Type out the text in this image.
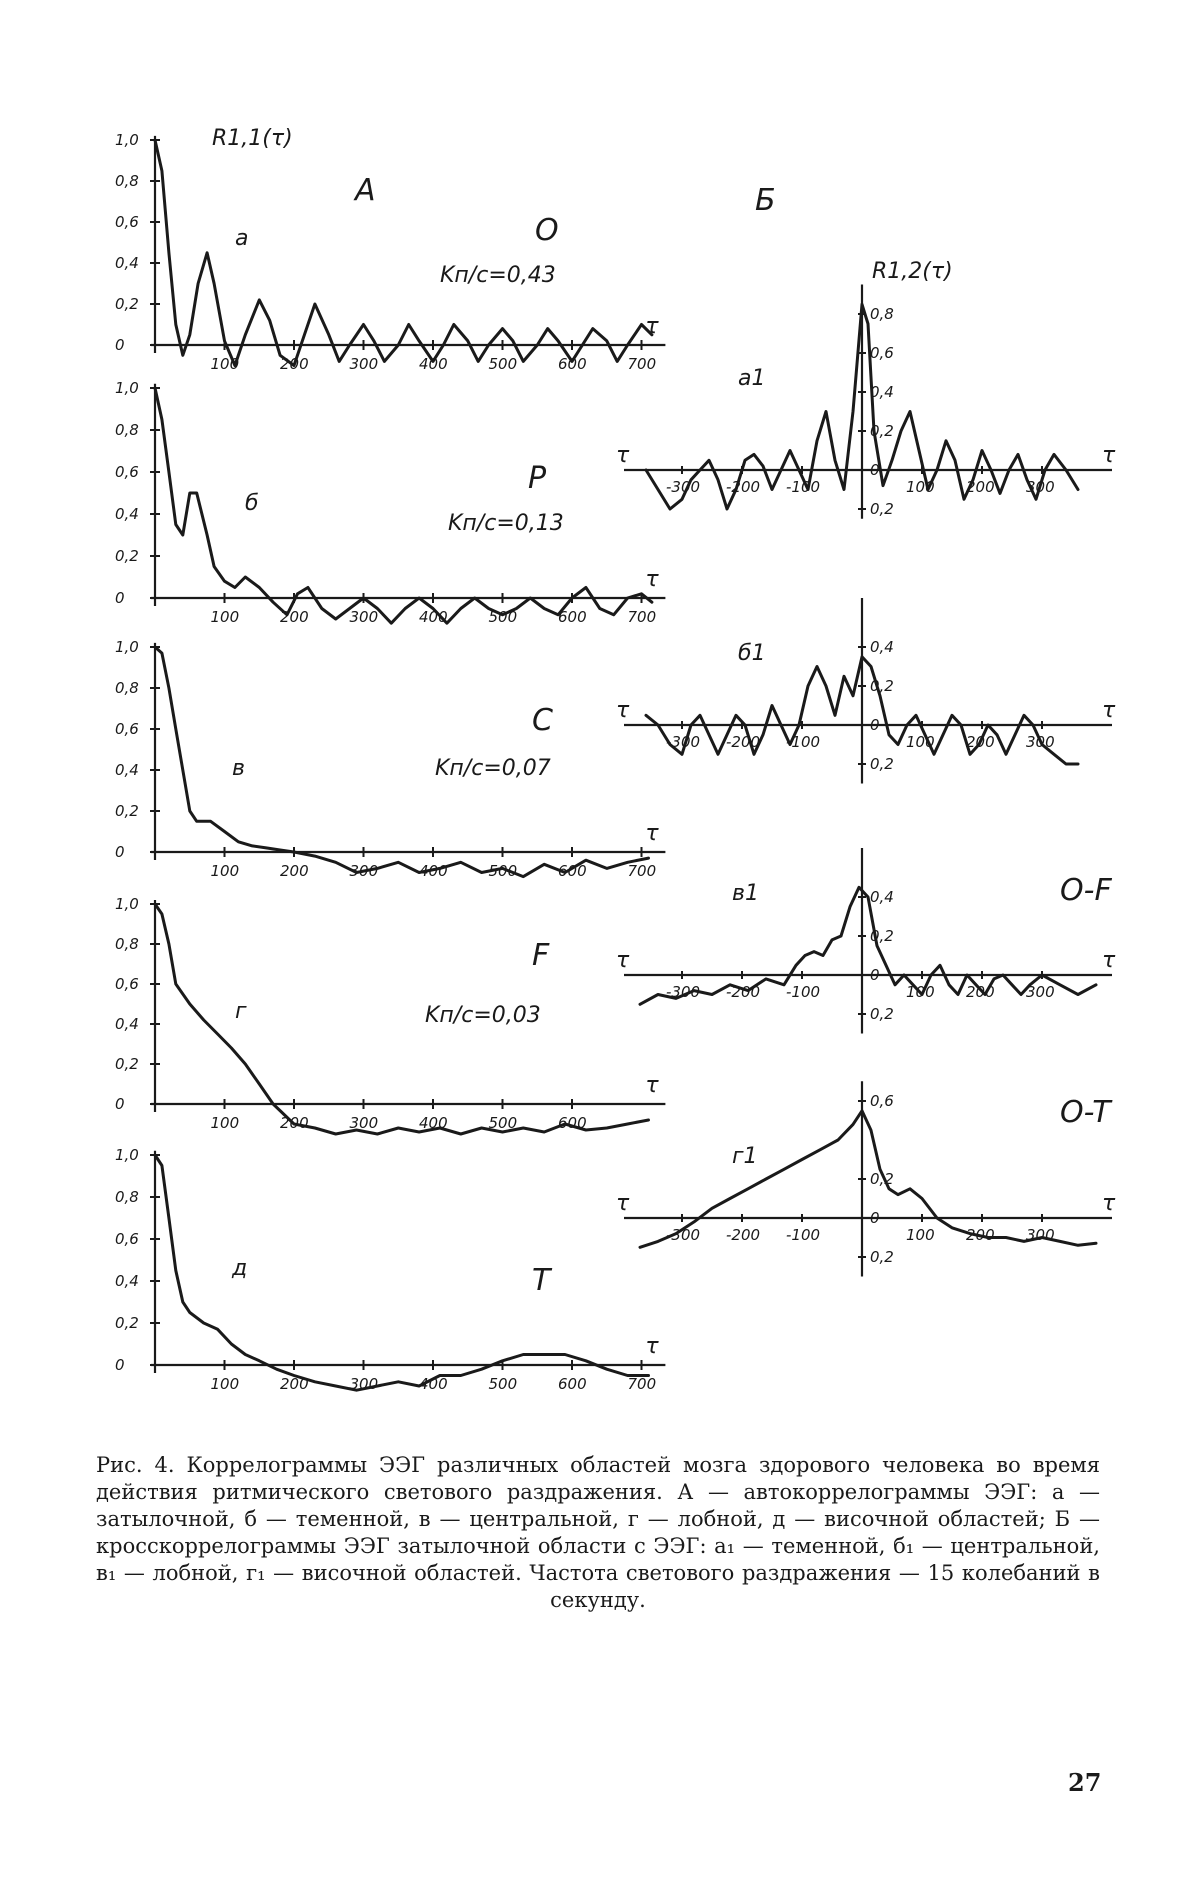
А	Б
R1,1(τ)
R1,2(τ)
1,0
0,8
0,6
0,4
0,2
0
100	200	300	400	500	600	700
τ
a	O
Kп/с=0,43
1,0
0,8
0,6
0,4
0,2
0
100	200	300	400	500	600	700
τ
б
P
Kп/с=0,13
1,0
0,8
0,6
0,4
0,2
0
100	200	300	400	500	600	700
τ
в
C
Kп/с=0,07
1,0
0,8
0,6
0,4
0,2
0
100	200	300	400	500	600
τ
г
F
Kп/с=0,03
1,0
0,8
0,6
0,4
0,2
0
100	200	300	400	500	600	700
τ
д	T
0,8
0,6
0,4
0,2
0
0,2
-300 -200 -100	100 200 300
τ	τ
a1
0,4
0,2
0
0,2
-300 -200 -100	100 200 300
τ	τ
б1
0,4
0,2
0
0,2
-300 -200 -100	100 200 300
τ	τ
в1	O-F
0,6
0,2
0
0,2
-300 -200 -100	100 200 300
τ	τ
г1
O-T

Рис. 4. Коррелограммы ЭЭГ различных областей мозга здорового человека во время действия ритмического светового раздражения. А — автокоррелограммы ЭЭГ: а — затылочной, б — теменной, в — центральной, г — лобной, д — височной областей; Б — кросскоррелограммы ЭЭГ затылочной области с ЭЭГ: а₁ — теменной, б₁ — центральной, в₁ — лобной, г₁ — височной областей. Частота светового раздражения — 15 колебаний в секунду.

27
